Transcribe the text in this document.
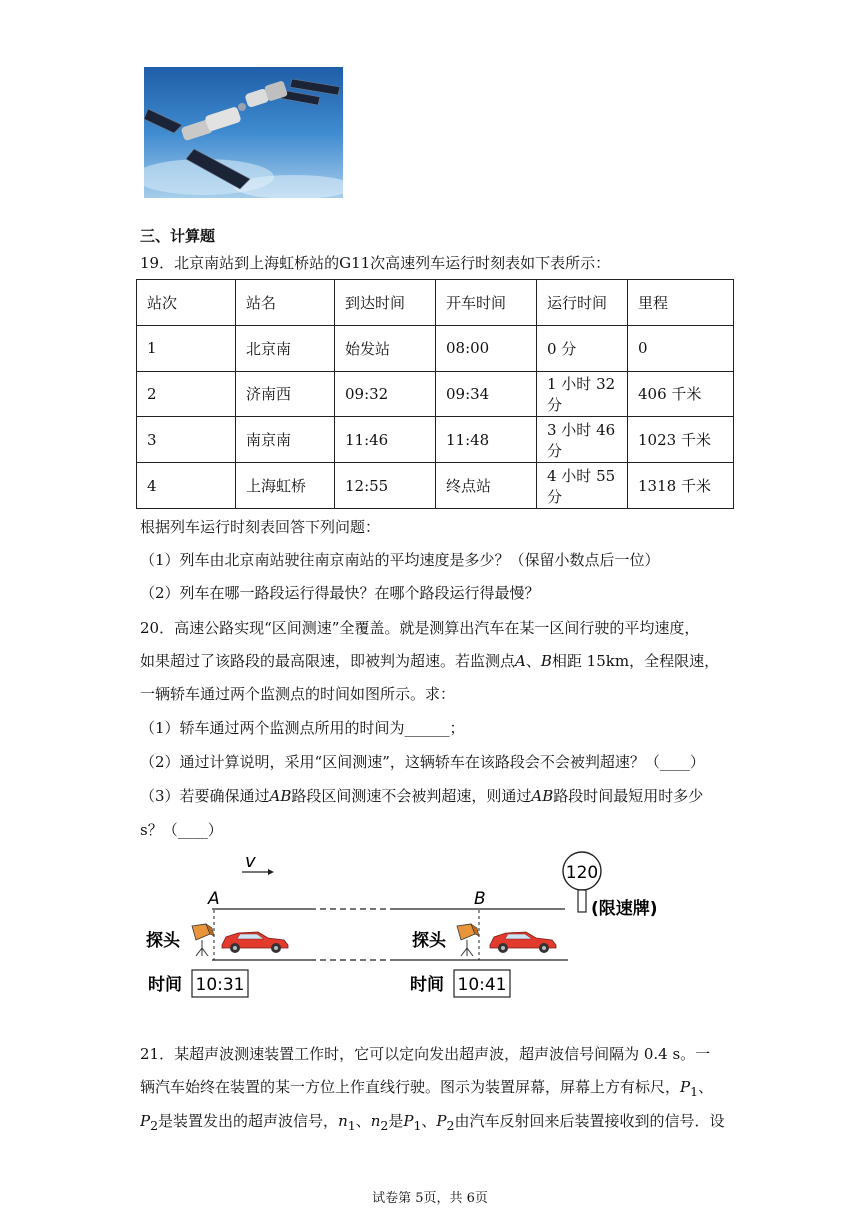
三、计算题
19．北京南站到上海虹桥站的G11次高速列车运行时刻表如下表所示：
站次	站名	到达时间	开车时间	运行时间	里程
1	北京南	始发站	08:00	0 分	0
2	济南西	09:32	09:34	1 小时 32 分	406 千米
3	南京南	11:46	11:48	3 小时 46 分	1023 千米
4	上海虹桥	12:55	终点站	4 小时 55 分	1318 千米
根据列车运行时刻表回答下列问题：
（1）列车由北京南站驶往南京南站的平均速度是多少？（保留小数点后一位）
（2）列车在哪一路段运行得最快？在哪个路段运行得最慢？
20．高速公路实现“区间测速”全覆盖。就是测算出汽车在某一区间行驶的平均速度，
如果超过了该路段的最高限速，即被判为超速。若监测点A、B相距 15km，全程限速，
一辆轿车通过两个监测点的时间如图所示。求：
（1）轿车通过两个监测点所用的时间为______；
（2）通过计算说明，采用“区间测速”，这辆轿车在该路段会不会被判超速？（____）
（3）若要确保通过AB路段区间测速不会被判超速，则通过AB路段时间最短用时多少
s？（____）
v
A	B
探头	探头
120
(限速牌)
时间 10:31	时间 10:41
21．某超声波测速装置工作时，它可以定向发出超声波，超声波信号间隔为 0.4 s。一
辆汽车始终在装置的某一方位上作直线行驶。图示为装置屏幕，屏幕上方有标尺，$P_1$、
$P_2$是装置发出的超声波信号，$n_1$、$n_2$是$P_1$、$P_2$由汽车反射回来后装置接收到的信号．设
试卷第 5页，共 6页
